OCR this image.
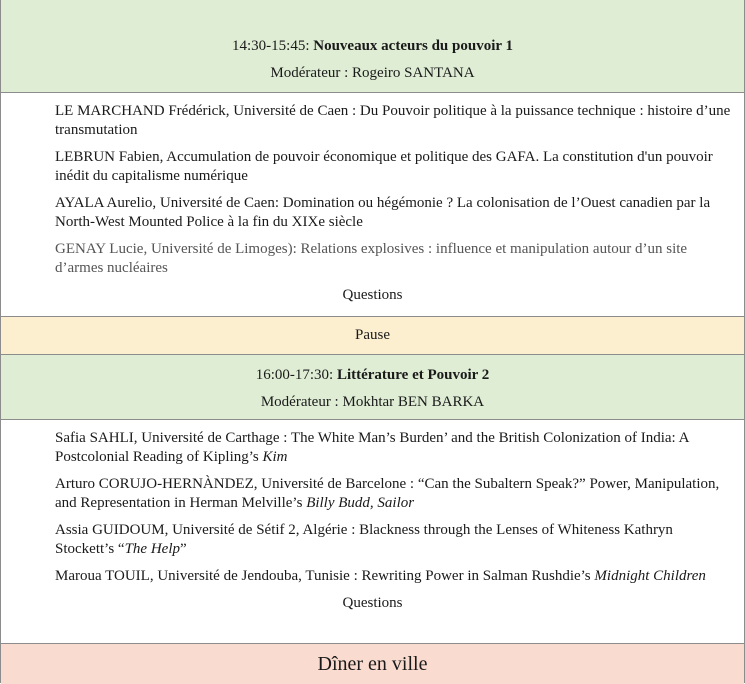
14:30-15:45: Nouveaux acteurs du pouvoir 1
Modérateur : Rogeiro SANTANA
LE MARCHAND Frédérick, Université de Caen : Du Pouvoir politique à la puissance technique : histoire d’une transmutation
LEBRUN Fabien, Accumulation de pouvoir économique et politique des GAFA. La constitution d'un pouvoir inédit du capitalisme numérique
AYALA Aurelio, Université de Caen: Domination ou hégémonie ? La colonisation de l’Ouest canadien par la North-West Mounted Police à la fin du XIXe siècle
GENAY Lucie, Université de Limoges): Relations explosives : influence et manipulation autour d’un site d’armes nucléaires
Questions
Pause
16:00-17:30: Littérature et Pouvoir 2
Modérateur : Mokhtar BEN BARKA
Safia SAHLI, Université de Carthage : The White Man’s Burden’ and the British Colonization of India: A Postcolonial Reading of Kipling’s Kim
Arturo CORUJO-HERNÀNDEZ, Université de Barcelone : “Can the Subaltern Speak?” Power, Manipulation, and Representation in Herman Melville’s Billy Budd, Sailor
Assia GUIDOUM, Université de Sétif 2, Algérie : Blackness through the Lenses of Whiteness Kathryn Stockett’s “The Help”
Maroua TOUIL, Université de Jendouba, Tunisie : Rewriting Power in Salman Rushdie’s Midnight Children
Questions
Dîner en ville
